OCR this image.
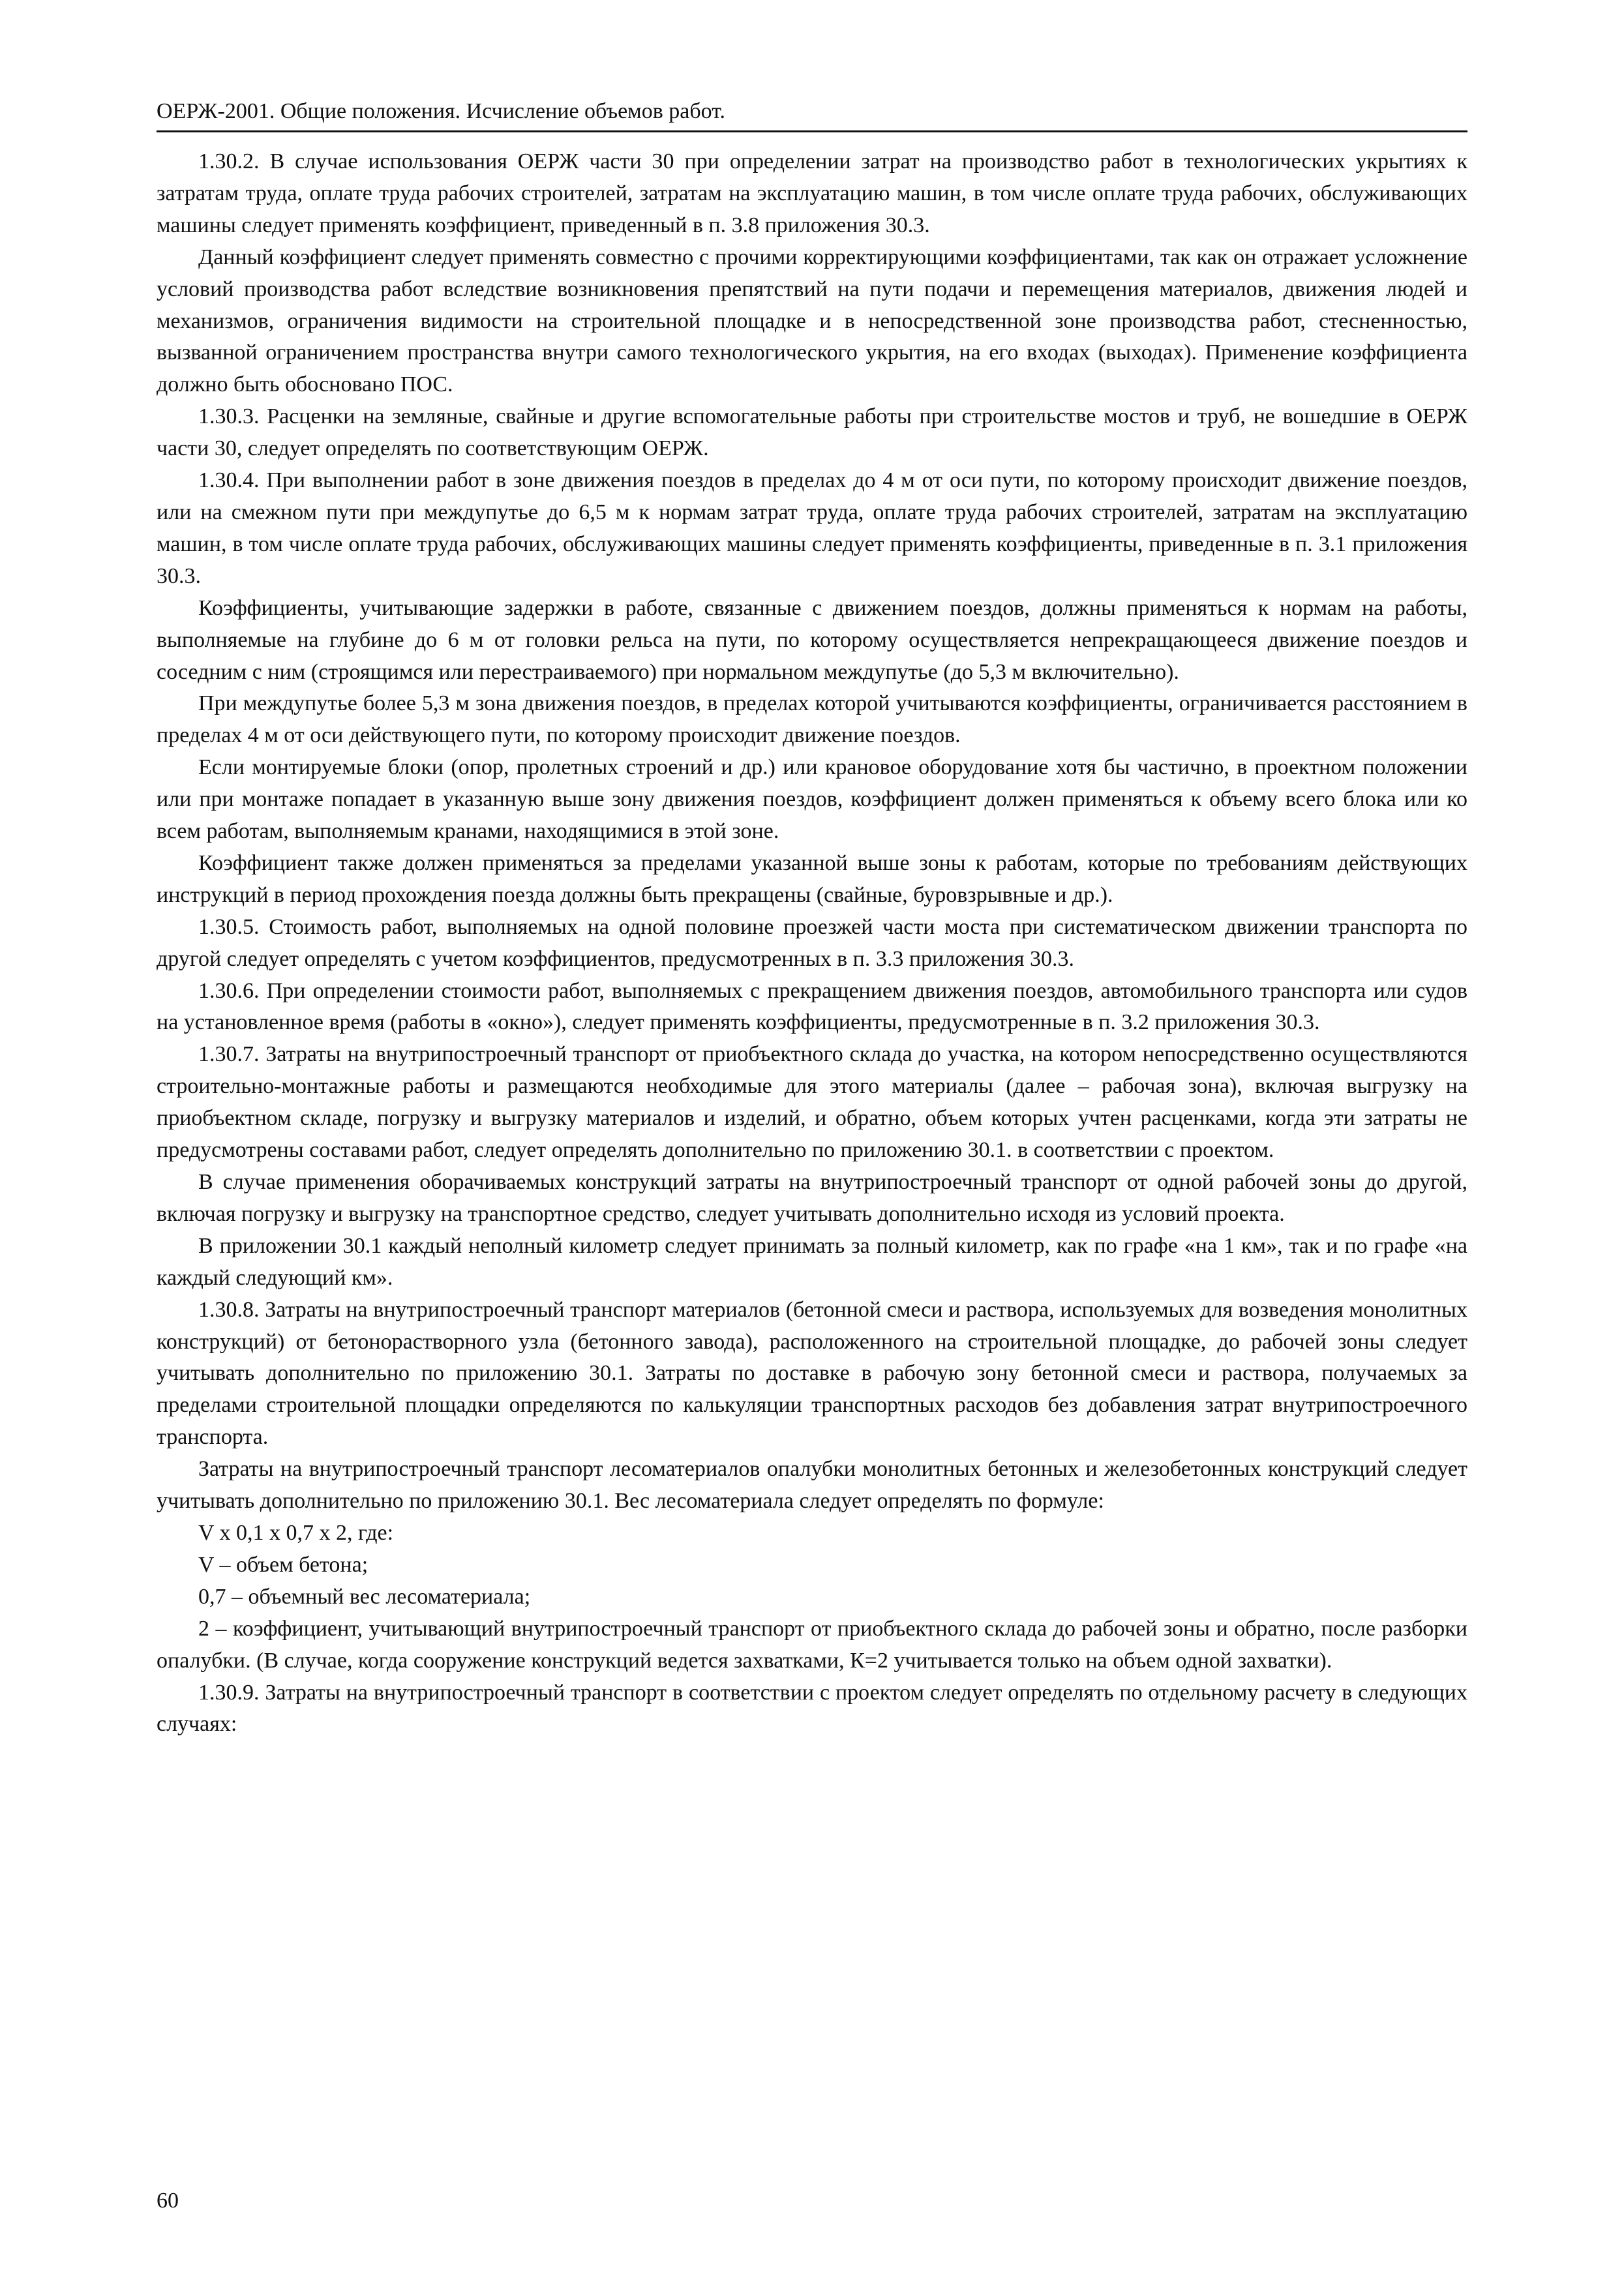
ОЕРЖ-2001. Общие положения. Исчисление объемов работ.

1.30.2. В случае использования ОЕРЖ части 30 при определении затрат на производство работ в технологических укрытиях к затратам труда, оплате труда рабочих строителей, затратам на эксплуатацию машин, в том числе оплате труда рабочих, обслуживающих машины следует применять коэффициент, приведенный в п. 3.8 приложения 30.3.

Данный коэффициент следует применять совместно с прочими корректирующими коэффициентами, так как он отражает усложнение условий производства работ вследствие возникновения препятствий на пути подачи и перемещения материалов, движения людей и механизмов, ограничения видимости на строительной площадке и в непосредственной зоне производства работ, стесненностью, вызванной ограничением пространства внутри самого технологического укрытия, на его входах (выходах). Применение коэффициента должно быть обосновано ПОС.

1.30.3. Расценки на земляные, свайные и другие вспомогательные работы при строительстве мостов и труб, не вошедшие в ОЕРЖ части 30, следует определять по соответствующим ОЕРЖ.

1.30.4. При выполнении работ в зоне движения поездов в пределах до 4 м от оси пути, по которому происходит движение поездов, или на смежном пути при междупутье до 6,5 м к нормам затрат труда, оплате труда рабочих строителей, затратам на эксплуатацию машин, в том числе оплате труда рабочих, обслуживающих машины следует применять коэффициенты, приведенные в п. 3.1 приложения 30.3.

Коэффициенты, учитывающие задержки в работе, связанные с движением поездов, должны применяться к нормам на работы, выполняемые на глубине до 6 м от головки рельса на пути, по которому осуществляется непрекращающееся движение поездов и соседним с ним (строящимся или перестраиваемого) при нормальном междупутье (до 5,3 м включительно).

При междупутье более 5,3 м зона движения поездов, в пределах которой учитываются коэффициенты, ограничивается расстоянием в пределах 4 м от оси действующего пути, по которому происходит движение поездов.

Если монтируемые блоки (опор, пролетных строений и др.) или крановое оборудование хотя бы частично, в проектном положении или при монтаже попадает в указанную выше зону движения поездов, коэффициент должен применяться к объему всего блока или ко всем работам, выполняемым кранами, находящимися в этой зоне.

Коэффициент также должен применяться за пределами указанной выше зоны к работам, которые по требованиям действующих инструкций в период прохождения поезда должны быть прекращены (свайные, буровзрывные и др.).

1.30.5. Стоимость работ, выполняемых на одной половине проезжей части моста при систематическом движении транспорта по другой следует определять с учетом коэффициентов, предусмотренных в п. 3.3 приложения 30.3.

1.30.6. При определении стоимости работ, выполняемых с прекращением движения поездов, автомобильного транспорта или судов на установленное время (работы в «окно»), следует применять коэффициенты, предусмотренные в п. 3.2 приложения 30.3.

1.30.7. Затраты на внутрипостроечный транспорт от приобъектного склада до участка, на котором непосредственно осуществляются строительно-монтажные работы и размещаются необходимые для этого материалы (далее – рабочая зона), включая выгрузку на приобъектном складе, погрузку и выгрузку материалов и изделий, и обратно, объем которых учтен расценками, когда эти затраты не предусмотрены составами работ, следует определять дополнительно по приложению 30.1. в соответствии с проектом.

В случае применения оборачиваемых конструкций затраты на внутрипостроечный транспорт от одной рабочей зоны до другой, включая погрузку и выгрузку на транспортное средство, следует учитывать дополнительно исходя из условий проекта.

В приложении 30.1 каждый неполный километр следует принимать за полный километр, как по графе «на 1 км», так и по графе «на каждый следующий км».

1.30.8. Затраты на внутрипостроечный транспорт материалов (бетонной смеси и раствора, используемых для возведения монолитных конструкций) от бетонорастворного узла (бетонного завода), расположенного на строительной площадке, до рабочей зоны следует учитывать дополнительно по приложению 30.1. Затраты по доставке в рабочую зону бетонной смеси и раствора, получаемых за пределами строительной площадки определяются по калькуляции транспортных расходов без добавления затрат внутрипостроечного транспорта.

Затраты на внутрипостроечный транспорт лесоматериалов опалубки монолитных бетонных и железобетонных конструкций следует учитывать дополнительно по приложению 30.1. Вес лесоматериала следует определять по формуле:

V х 0,1 х 0,7 х 2, где:

V – объем бетона;

0,7 – объемный вес лесоматериала;

2 – коэффициент, учитывающий внутрипостроечный транспорт от приобъектного склада до рабочей зоны и обратно, после разборки опалубки. (В случае, когда сооружение конструкций ведется захватками, К=2 учитывается только на объем одной захватки).

1.30.9. Затраты на внутрипостроечный транспорт в соответствии с проектом следует определять по отдельному расчету в следующих случаях:

60
